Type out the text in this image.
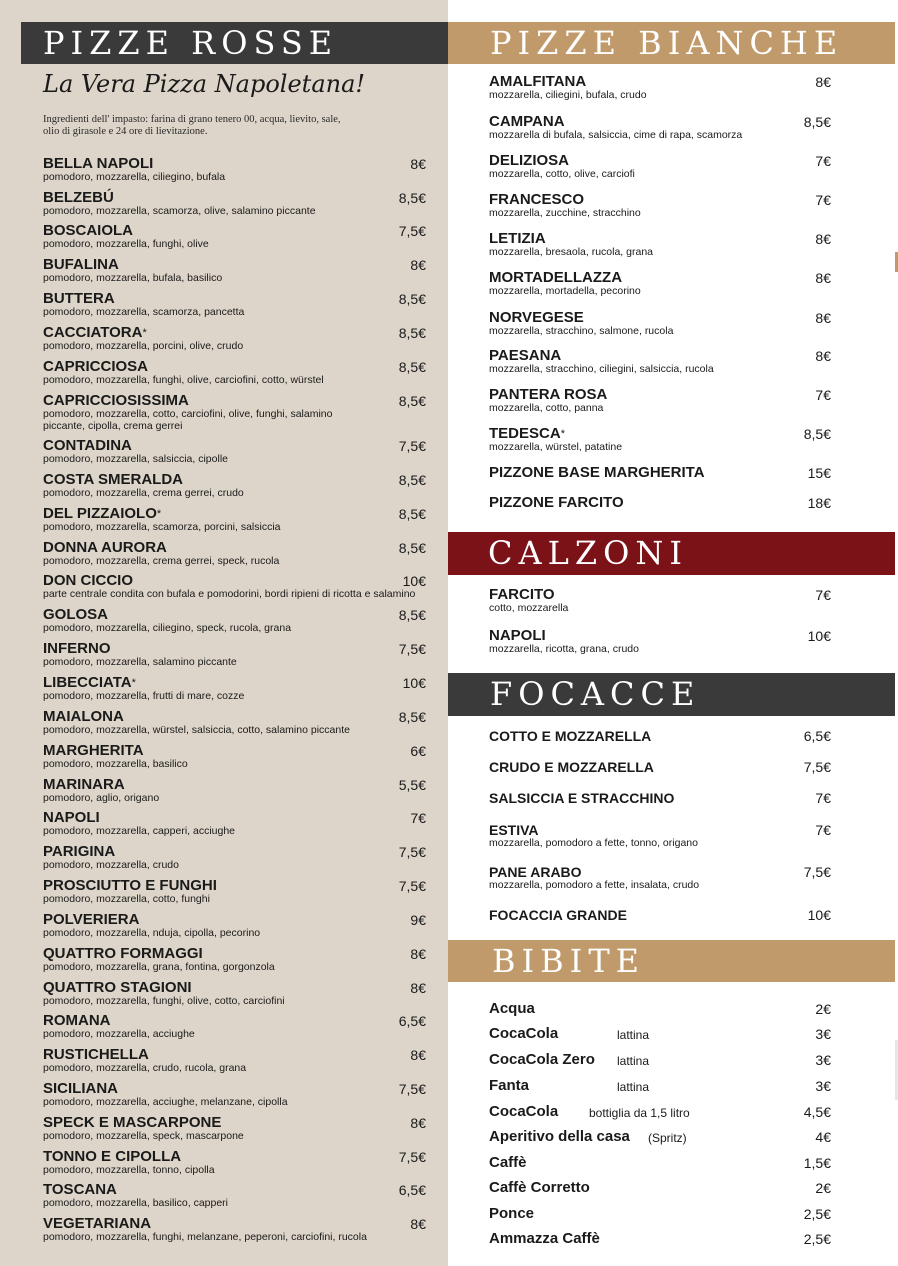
PIZZE ROSSE
La Vera Pizza Napoletana!
Ingredienti dell' impasto: farina di grano tenero 00, acqua, lievito, sale, olio di girasole e 24 ore di lievitazione.
BELLA NAPOLI
pomodoro, mozzarella, ciliegino, bufala
8€
BELZEBÚ
pomodoro, mozzarella, scamorza, olive, salamino piccante
8,5€
BOSCAIOLA
pomodoro, mozzarella, funghi, olive
7,5€
BUFALINA
pomodoro, mozzarella, bufala, basilico
8€
BUTTERA
pomodoro, mozzarella, scamorza, pancetta
8,5€
CACCIATORA*
pomodoro, mozzarella, porcini, olive, crudo
8,5€
CAPRICCIOSA
pomodoro, mozzarella, funghi, olive, carciofini, cotto, würstel
8,5€
CAPRICCIOSISSIMA
pomodoro, mozzarella, cotto, carciofini, olive, funghi, salamino piccante, cipolla, crema gerrei
8,5€
CONTADINA
pomodoro, mozzarella, salsiccia, cipolle
7,5€
COSTA SMERALDA
pomodoro, mozzarella, crema gerrei, crudo
8,5€
DEL PIZZAIOLO*
pomodoro, mozzarella, scamorza, porcini, salsiccia
8,5€
DONNA AURORA
pomodoro, mozzarella, crema gerrei, speck, rucola
8,5€
DON CICCIO
parte centrale condita con bufala e pomodorini, bordi ripieni di ricotta e salamino
10€
GOLOSA
pomodoro, mozzarella, ciliegino, speck, rucola, grana
8,5€
INFERNO
pomodoro, mozzarella, salamino piccante
7,5€
LIBECCIATA*
pomodoro, mozzarella, frutti di mare, cozze
10€
MAIALONA
pomodoro, mozzarella, würstel, salsiccia, cotto, salamino piccante
8,5€
MARGHERITA
pomodoro, mozzarella, basilico
6€
MARINARA
pomodoro, aglio, origano
5,5€
NAPOLI
pomodoro, mozzarella, capperi, acciughe
7€
PARIGINA
pomodoro, mozzarella, crudo
7,5€
PROSCIUTTO E FUNGHI
pomodoro, mozzarella, cotto, funghi
7,5€
POLVERIERA
pomodoro, mozzarella, nduja, cipolla, pecorino
9€
QUATTRO FORMAGGI
pomodoro, mozzarella, grana, fontina, gorgonzola
8€
QUATTRO STAGIONI
pomodoro, mozzarella, funghi, olive, cotto, carciofini
8€
ROMANA
pomodoro, mozzarella, acciughe
6,5€
RUSTICHELLA
pomodoro, mozzarella, crudo, rucola, grana
8€
SICILIANA
pomodoro, mozzarella, acciughe, melanzane, cipolla
7,5€
SPECK E MASCARPONE
pomodoro, mozzarella, speck, mascarpone
8€
TONNO E CIPOLLA
pomodoro, mozzarella, tonno, cipolla
7,5€
TOSCANA
pomodoro, mozzarella, basilico, capperi
6,5€
VEGETARIANA
pomodoro, mozzarella, funghi, melanzane, peperoni, carciofini, rucola
8€
PIZZE BIANCHE
AMALFITANA
mozzarella, ciliegini, bufala, crudo
8€
CAMPANA
mozzarella di bufala, salsiccia, cime di rapa, scamorza
8,5€
DELIZIOSA
mozzarella, cotto, olive, carciofi
7€
FRANCESCO
mozzarella, zucchine, stracchino
7€
LETIZIA
mozzarella, bresaola, rucola, grana
8€
MORTADELLAZZA
mozzarella, mortadella, pecorino
8€
NORVEGESE
mozzarella, stracchino, salmone, rucola
8€
PAESANA
mozzarella, stracchino, ciliegini, salsiccia, rucola
8€
PANTERA ROSA
mozzarella, cotto, panna
7€
TEDESCA*
mozzarella, würstel, patatine
8,5€
PIZZONE BASE MARGHERITA	15€
PIZZONE FARCITO	18€
CALZONI
FARCITO
cotto, mozzarella
7€
NAPOLI
mozzarella, ricotta, grana, crudo
10€
FOCACCE
COTTO E MOZZARELLA	6,5€
CRUDO E MOZZARELLA	7,5€
SALSICCIA E STRACCHINO	7€
ESTIVA
mozzarella, pomodoro a fette, tonno, origano
7€
PANE ARABO
mozzarella, pomodoro a fette, insalata, crudo
7,5€
FOCACCIA GRANDE	10€
BIBITE
Acqua	2€
CocaCola	lattina	3€
CocaCola Zero lattina	3€
Fanta	lattina	3€
CocaCola	bottiglia da 1,5 litro	4,5€
Aperitivo della casa (Spritz)	4€
Caffè	1,5€
Caffè Corretto	2€
Ponce	2,5€
Ammazza Caffè	2,5€
